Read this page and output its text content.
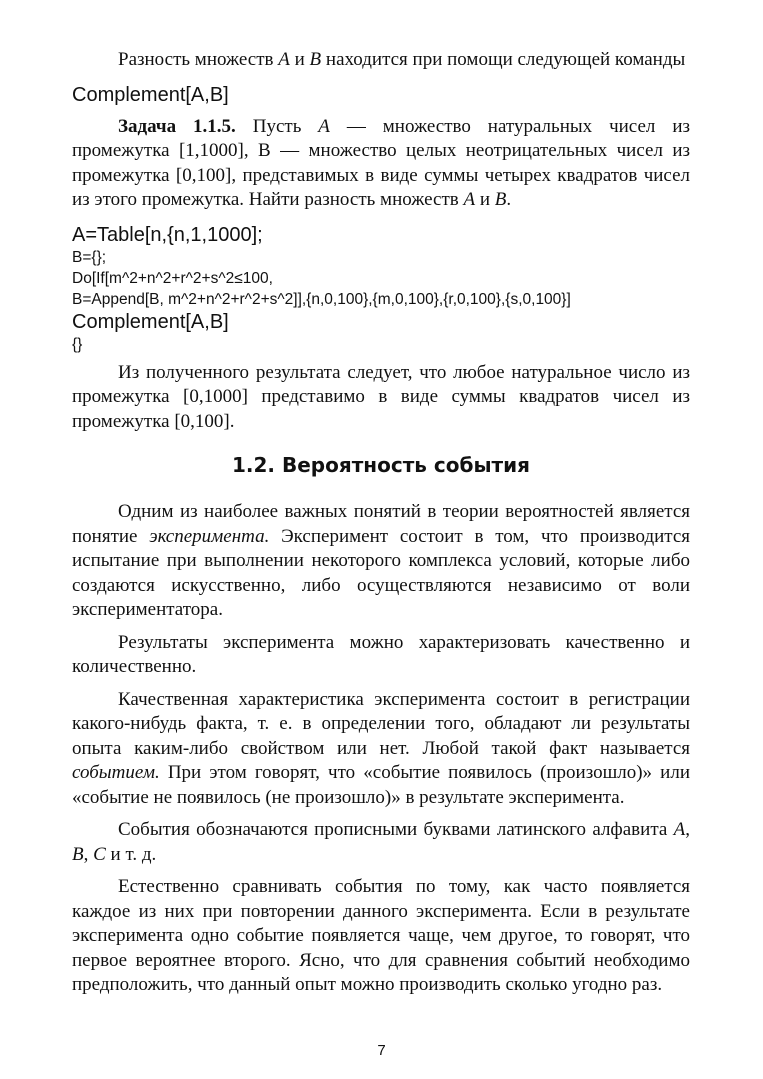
Разность множеств A и B находится при помощи следующей команды

Complement[A,B]

Задача 1.1.5. Пусть A — множество натуральных чисел из промежутка [1,1000], В — множество целых неотрицательных чисел из промежутка [0,100], представимых в виде суммы четырех квадратов чисел из этого промежутка. Найти разность множеств A и B.

A=Table[n,{n,1,1000];

B={};

Do[If[m^2+n^2+r^2+s^2≤100,

B=Append[B, m^2+n^2+r^2+s^2]],{n,0,100},{m,0,100},{r,0,100},{s,0,100}]

Complement[A,B]

{}

Из полученного результата следует, что любое натуральное число из промежутка [0,1000] представимо в виде суммы квадратов чисел из промежутка [0,100].

1.2. Вероятность события

Одним из наиболее важных понятий в теории вероятностей является понятие эксперимента. Эксперимент состоит в том, что производится испытание при выполнении некоторого комплекса условий, которые либо создаются искусственно, либо осуществляются независимо от воли экспериментатора.

Результаты эксперимента можно характеризовать качественно и количественно.

Качественная характеристика эксперимента состоит в регистрации какого-нибудь факта, т. е. в определении того, обладают ли результаты опыта каким-либо свойством или нет. Любой такой факт называется событием. При этом говорят, что «событие появилось (произошло)» или «событие не появилось (не произошло)» в результате эксперимента.

События обозначаются прописными буквами латинского алфавита A, B, C и т. д.

Естественно сравнивать события по тому, как часто появляется каждое из них при повторении данного эксперимента. Если в результате эксперимента одно событие появляется чаще, чем другое, то говорят, что первое вероятнее второго. Ясно, что для сравнения событий необходимо предположить, что данный опыт можно производить сколько угодно раз.

7
